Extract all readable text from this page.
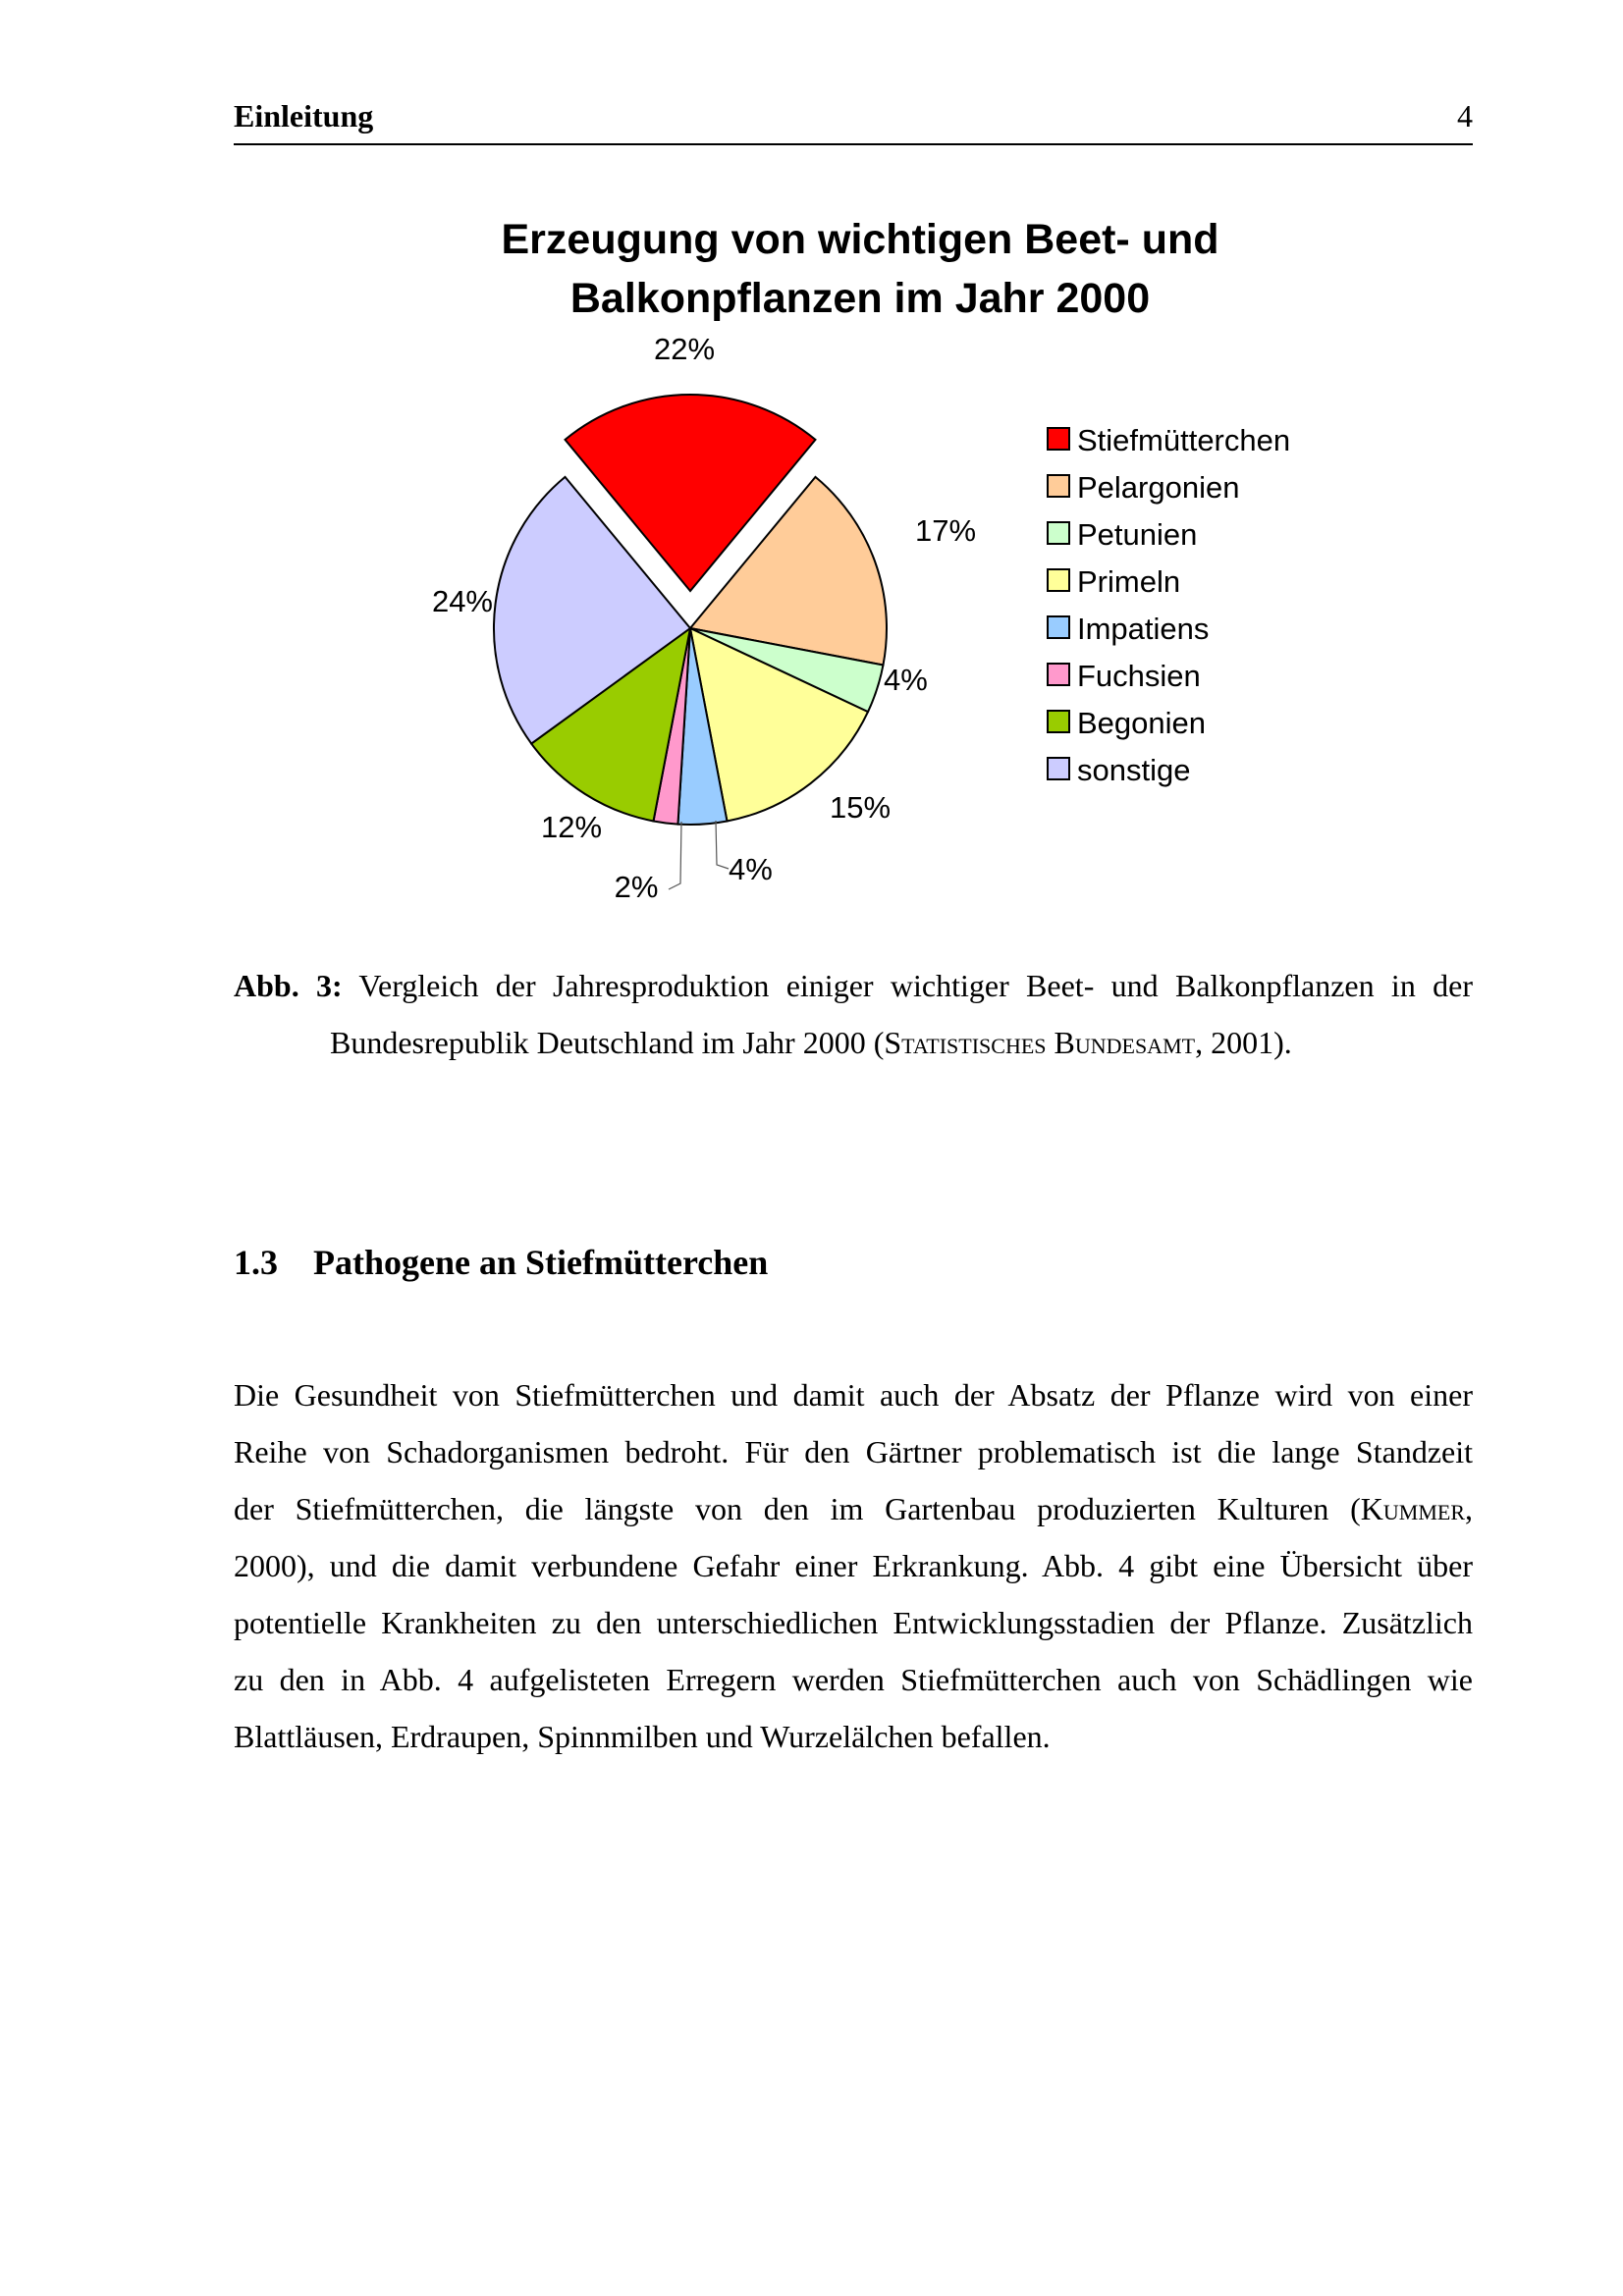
Einleitung	4
Erzeugung von wichtigen Beet- und
Balkonpflanzen im Jahr 2000
22%
17%
4%
15%
4%
2%
12%
24%
Stiefmütterchen
Pelargonien
Petunien
Primeln
Impatiens
Fuchsien
Begonien
sonstige
Abb. 3: Vergleich der Jahresproduktion einiger wichtiger Beet- und Balkonpflanzen in der
Bundesrepublik Deutschland im Jahr 2000 (Statistisches Bundesamt, 2001).
1.3 Pathogene an Stiefmütterchen
Die Gesundheit von Stiefmütterchen und damit auch der Absatz der Pflanze wird von einer
Reihe von Schadorganismen bedroht. Für den Gärtner problematisch ist die lange Standzeit
der Stiefmütterchen, die längste von den im Gartenbau produzierten Kulturen (Kummer,
2000), und die damit verbundene Gefahr einer Erkrankung. Abb. 4 gibt eine Übersicht über
potentielle Krankheiten zu den unterschiedlichen Entwicklungsstadien der Pflanze. Zusätzlich
zu den in Abb. 4 aufgelisteten Erregern werden Stiefmütterchen auch von Schädlingen wie
Blattläusen, Erdraupen, Spinnmilben und Wurzelälchen befallen.
